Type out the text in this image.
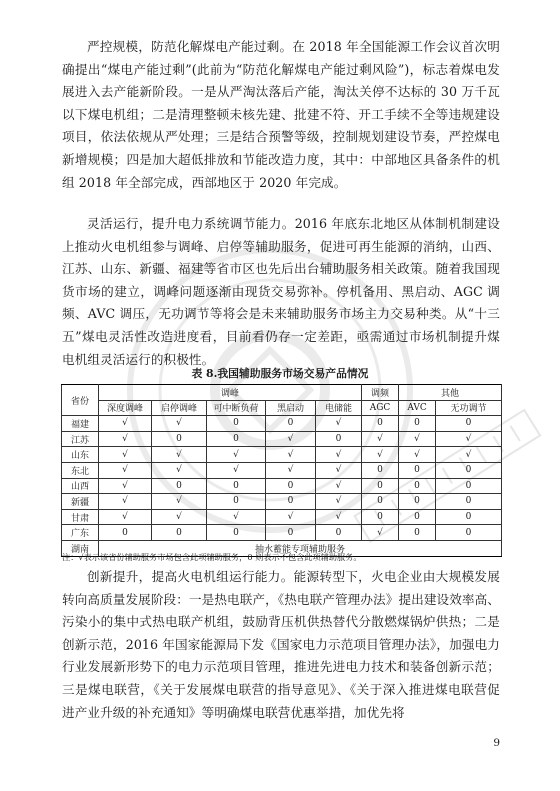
严控规模，防范化解煤电产能过剩。在 2018 年全国能源工作会议首次明确提出“煤电产能过剩”(此前为“防范化解煤电产能过剩风险”)，标志着煤电发展进入去产能新阶段。一是从严淘汰落后产能，淘汰关停不达标的 30 万千瓦以下煤电机组；二是清理整顿未核先建、批建不符、开工手续不全等违规建设项目，依法依规从严处理；三是结合预警等级，控制规划建设节奏，严控煤电新增规模；四是加大超低排放和节能改造力度，其中：中部地区具备条件的机组 2018 年全部完成，西部地区于 2020 年完成。

灵活运行，提升电力系统调节能力。2016 年底东北地区从体制机制建设上推动火电机组参与调峰、启停等辅助服务，促进可再生能源的消纳，山西、江苏、山东、新疆、福建等省市区也先后出台辅助服务相关政策。随着我国现货市场的建立，调峰问题逐渐由现货交易弥补。停机备用、黑启动、AGC 调频、AVC 调压，无功调节等将会是未来辅助服务市场主力交易种类。从“十三五”煤电灵活性改造进度看，目前看仍存一定差距，亟需通过市场机制提升煤电机组灵活运行的积极性。

表 8.我国辅助服务市场交易产品情况

省份	调峰					调频	其他	
	深度调峰	启停调峰	可中断负荷	黑启动	电储能	AGC	AVC	无功调节
福建	√	√	0	0	√	0	0	0
江苏	√	0	0	√	0	√	√	√
山东	√	√	√	√	√	√	√	√
东北	√	√	√	√	√	0	0	0
山西	√	0	0	0	√	0	0	0
新疆	√	√	0	0	√	0	0	0
甘肃	√	√	√	√	√	0	0	0
广东	0	0	0	0	0	√	0	0
湖南	抽水蓄能专项辅助服务							

注：√表示该省份辅助服务市场包含此项辅助服务，0 则表示不包含此项辅助服务。

创新提升，提高火电机组运行能力。能源转型下，火电企业由大规模发展转向高质量发展阶段：一是热电联产，《热电联产管理办法》提出建设效率高、污染小的集中式热电联产机组，鼓励背压机供热替代分散燃煤锅炉供热；二是创新示范，2016 年国家能源局下发《国家电力示范项目管理办法》，加强电力行业发展新形势下的电力示范项目管理，推进先进电力技术和装备创新示范；三是煤电联营，《关于发展煤电联营的指导意见》、《关于深入推进煤电联营促进产业升级的补充通知》等明确煤电联营优惠举措，加优先将

9
